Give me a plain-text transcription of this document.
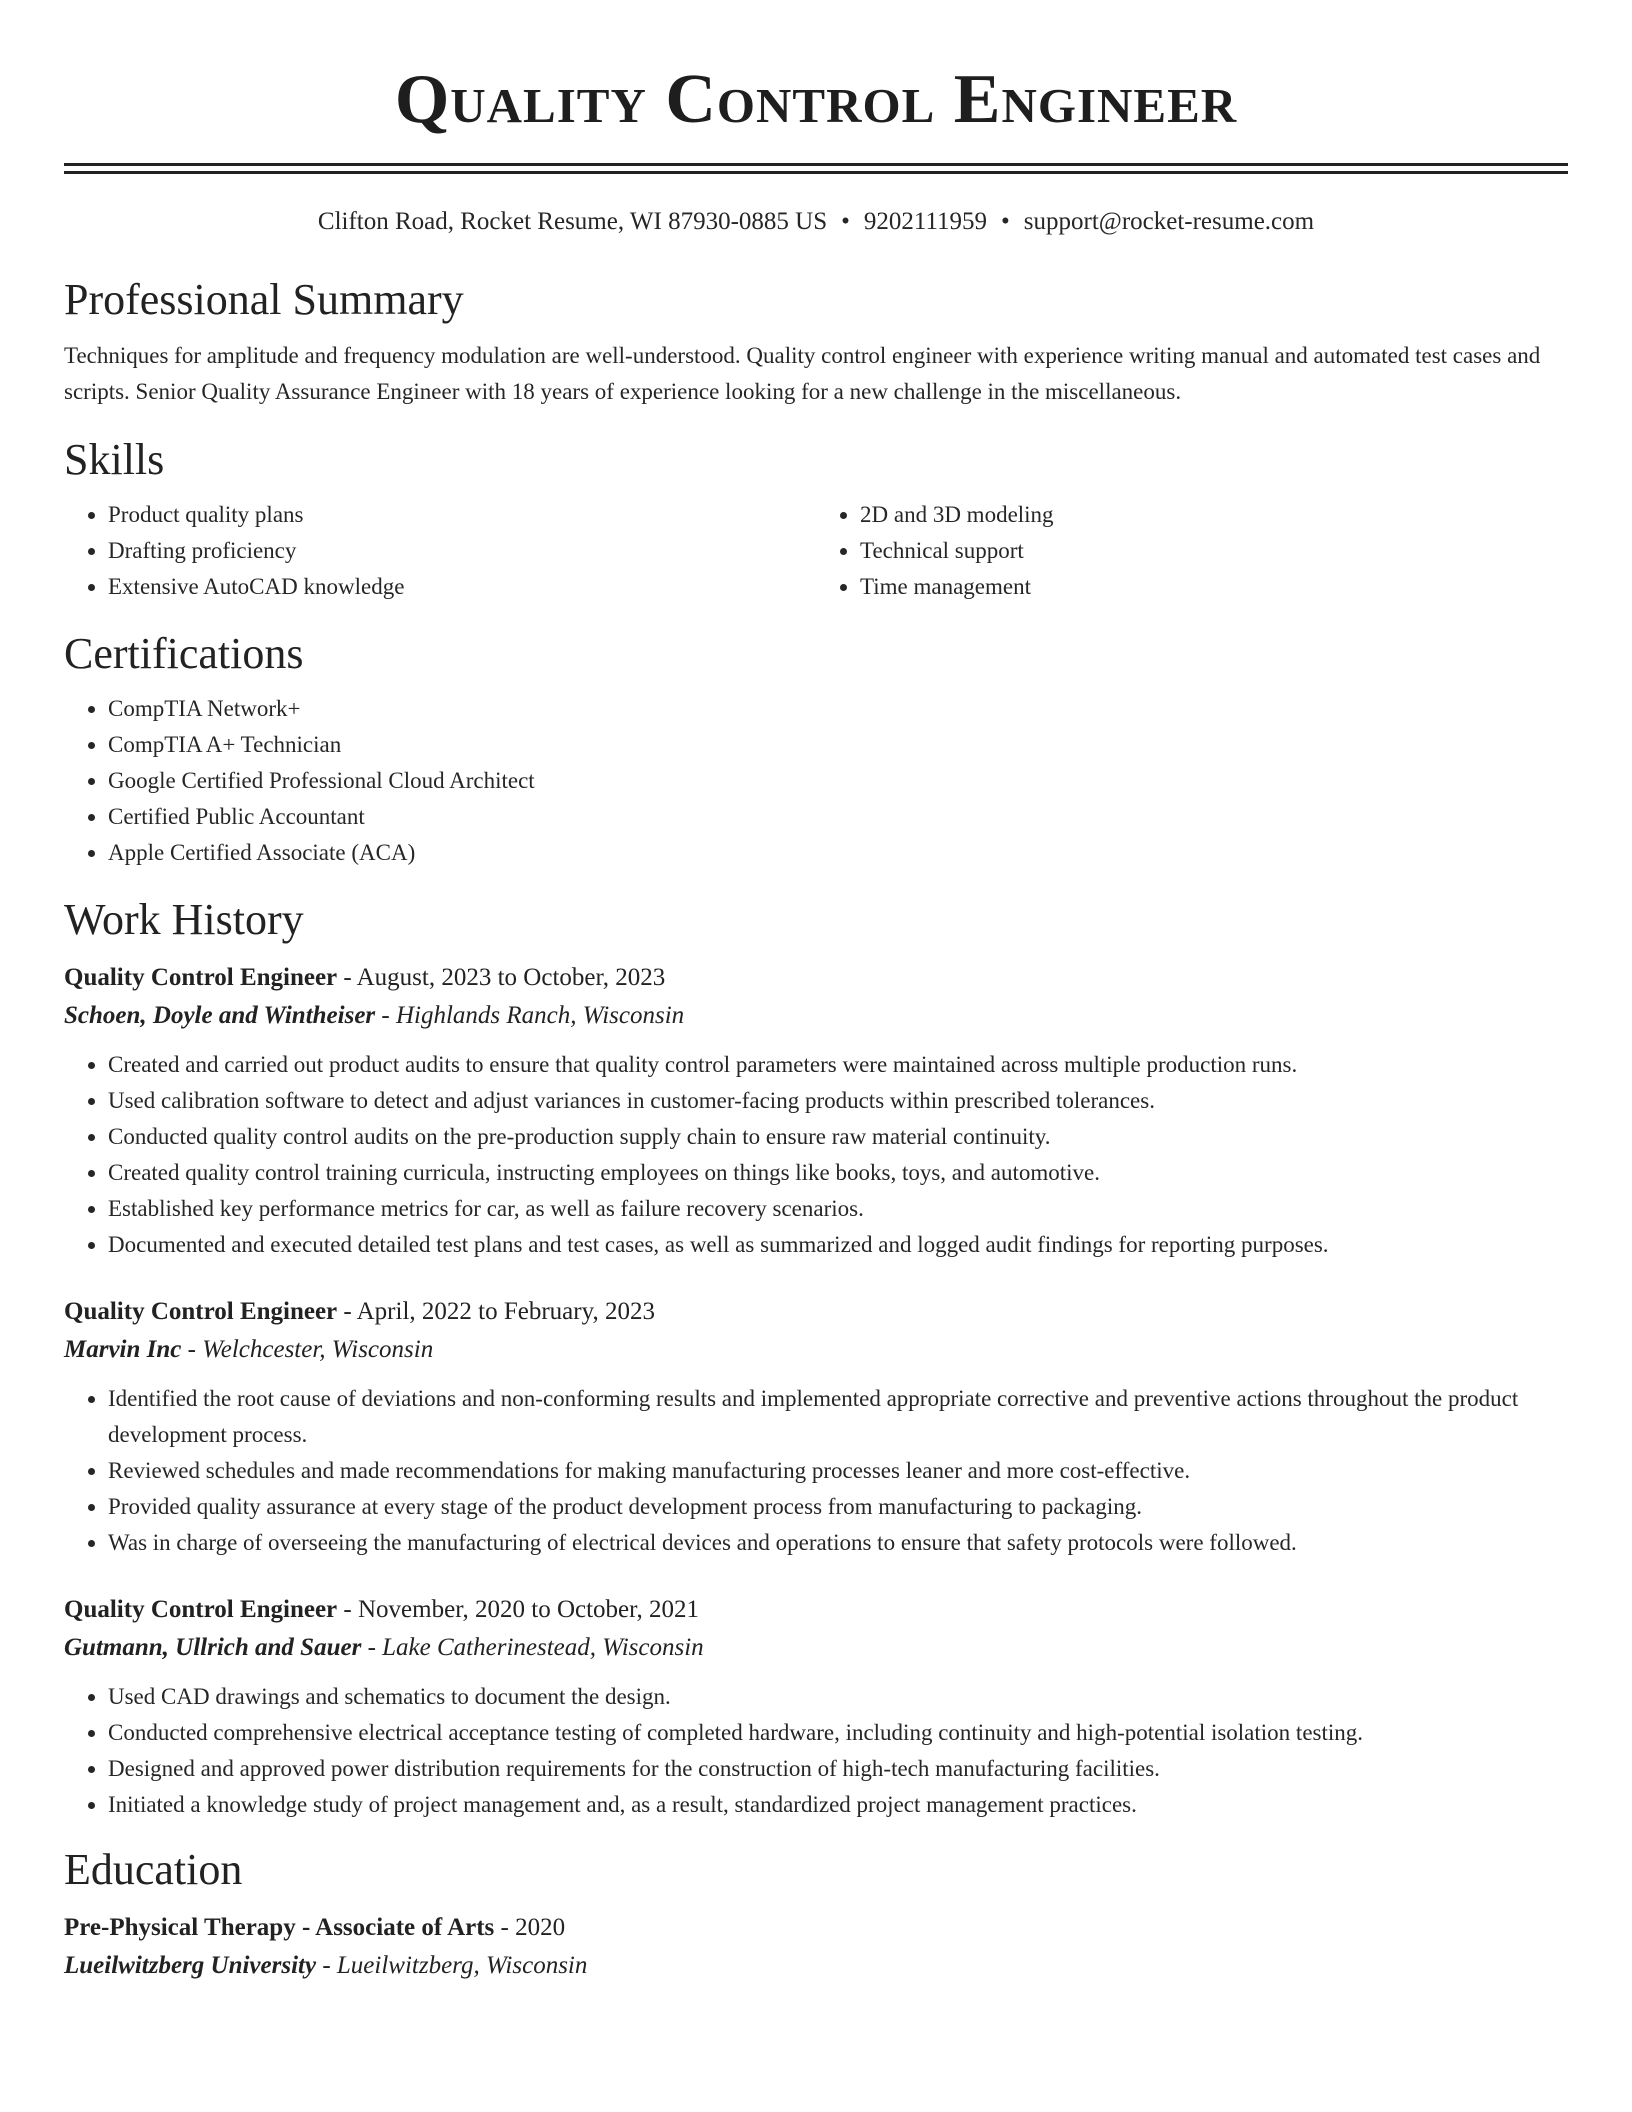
Quality Control Engineer
Clifton Road, Rocket Resume, WI 87930-0885 US • 9202111959 • support@rocket-resume.com
Professional Summary

Techniques for amplitude and frequency modulation are well-understood. Quality control engineer with experience writing manual and automated test cases and scripts. Senior Quality Assurance Engineer with 18 years of experience looking for a new challenge in the miscellaneous.

Skills
• Product quality plans
• Drafting proficiency
• Extensive AutoCAD knowledge
• 2D and 3D modeling
• Technical support
• Time management
Certifications
• CompTIA Network+
• CompTIA A+ Technician
• Google Certified Professional Cloud Architect
• Certified Public Accountant
• Apple Certified Associate (ACA)
Work History

Quality Control Engineer - August, 2023 to October, 2023

Schoen, Doyle and Wintheiser - Highlands Ranch, Wisconsin

• Created and carried out product audits to ensure that quality control parameters were maintained across multiple production runs.
• Used calibration software to detect and adjust variances in customer-facing products within prescribed tolerances.
• Conducted quality control audits on the pre-production supply chain to ensure raw material continuity.
• Created quality control training curricula, instructing employees on things like books, toys, and automotive.
• Established key performance metrics for car, as well as failure recovery scenarios.
• Documented and executed detailed test plans and test cases, as well as summarized and logged audit findings for reporting purposes.

Quality Control Engineer - April, 2022 to February, 2023

Marvin Inc - Welchcester, Wisconsin

• Identified the root cause of deviations and non-conforming results and implemented appropriate corrective and preventive actions throughout the product development process.
• Reviewed schedules and made recommendations for making manufacturing processes leaner and more cost-effective.
• Provided quality assurance at every stage of the product development process from manufacturing to packaging.
• Was in charge of overseeing the manufacturing of electrical devices and operations to ensure that safety protocols were followed.

Quality Control Engineer - November, 2020 to October, 2021

Gutmann, Ullrich and Sauer - Lake Catherinestead, Wisconsin

• Used CAD drawings and schematics to document the design.
• Conducted comprehensive electrical acceptance testing of completed hardware, including continuity and high-potential isolation testing.
• Designed and approved power distribution requirements for the construction of high-tech manufacturing facilities.
• Initiated a knowledge study of project management and, as a result, standardized project management practices.
Education

Pre-Physical Therapy - Associate of Arts - 2020

Lueilwitzberg University - Lueilwitzberg, Wisconsin
